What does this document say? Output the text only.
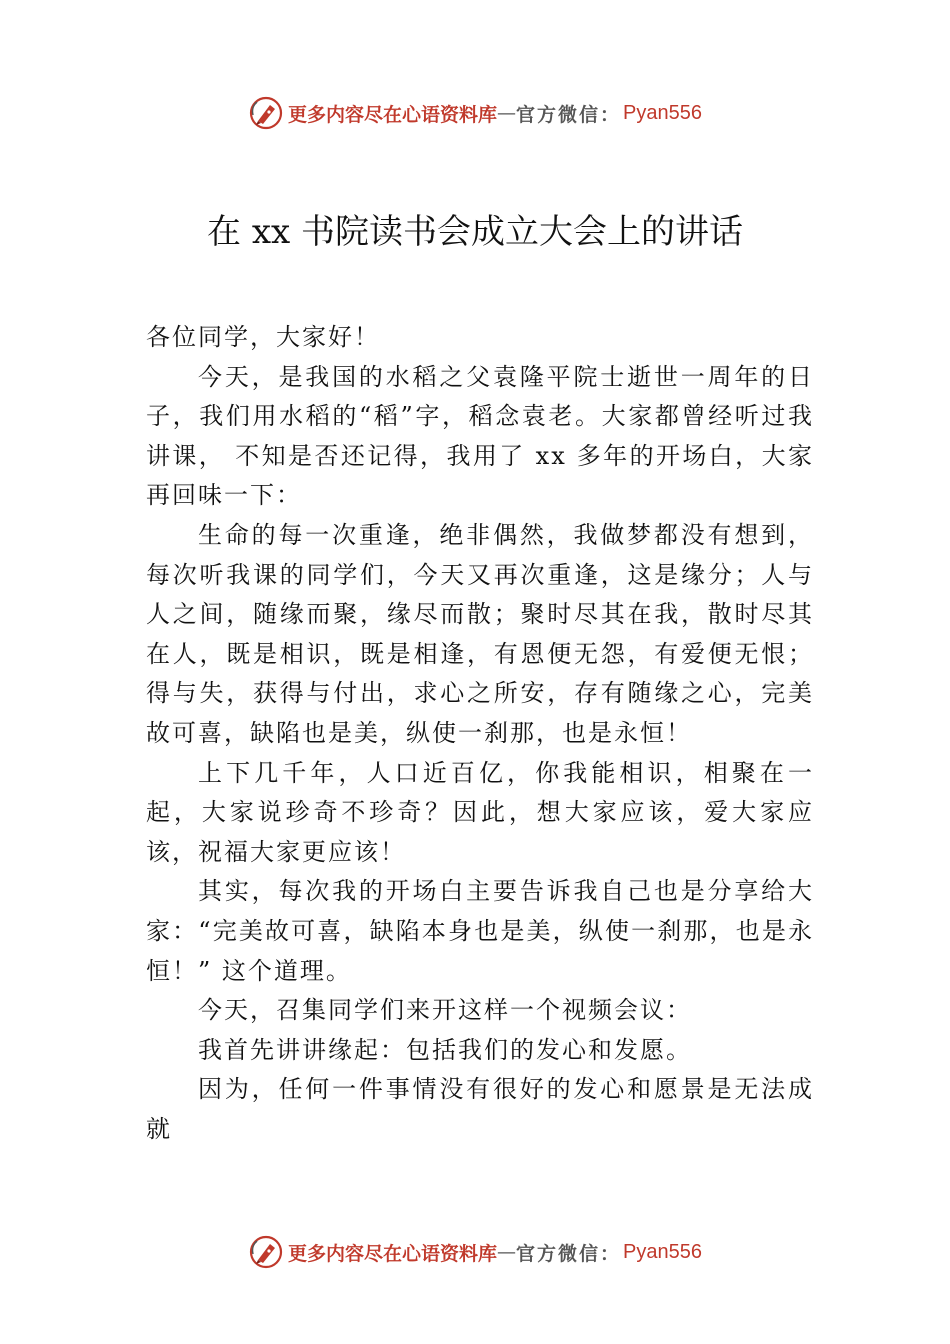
更多内容尽在心语资料库 — 官方微信： Pyan556
在 xx 书院读书会成立大会上的讲话

各位同学，大家好！

今天，是我国的水稻之父袁隆平院士逝世一周年的日子，我们用水稻的“稻”字，稻念袁老。大家都曾经听过我讲课， 不知是否还记得，我用了 xx 多年的开场白，大家再回味一下：

生命的每一次重逢，绝非偶然，我做梦都没有想到，每次听我课的同学们，今天又再次重逢，这是缘分；人与人之间，随缘而聚，缘尽而散；聚时尽其在我，散时尽其在人，既是相识，既是相逢，有恩便无怨，有爱便无恨；得与失，获得与付出，求心之所安，存有随缘之心，完美故可喜，缺陷也是美，纵使一刹那，也是永恒！

上下几千年，人口近百亿，你我能相识，相聚在一起，大家说珍奇不珍奇？因此，想大家应该，爱大家应该，祝福大家更应该！

其实，每次我的开场白主要告诉我自己也是分享给大家：“完美故可喜，缺陷本身也是美，纵使一刹那，也是永恒！” 这个道理。

今天，召集同学们来开这样一个视频会议：

我首先讲讲缘起：包括我们的发心和发愿。

因为，任何一件事情没有很好的发心和愿景是无法成就

更多内容尽在心语资料库 — 官方微信： Pyan556
